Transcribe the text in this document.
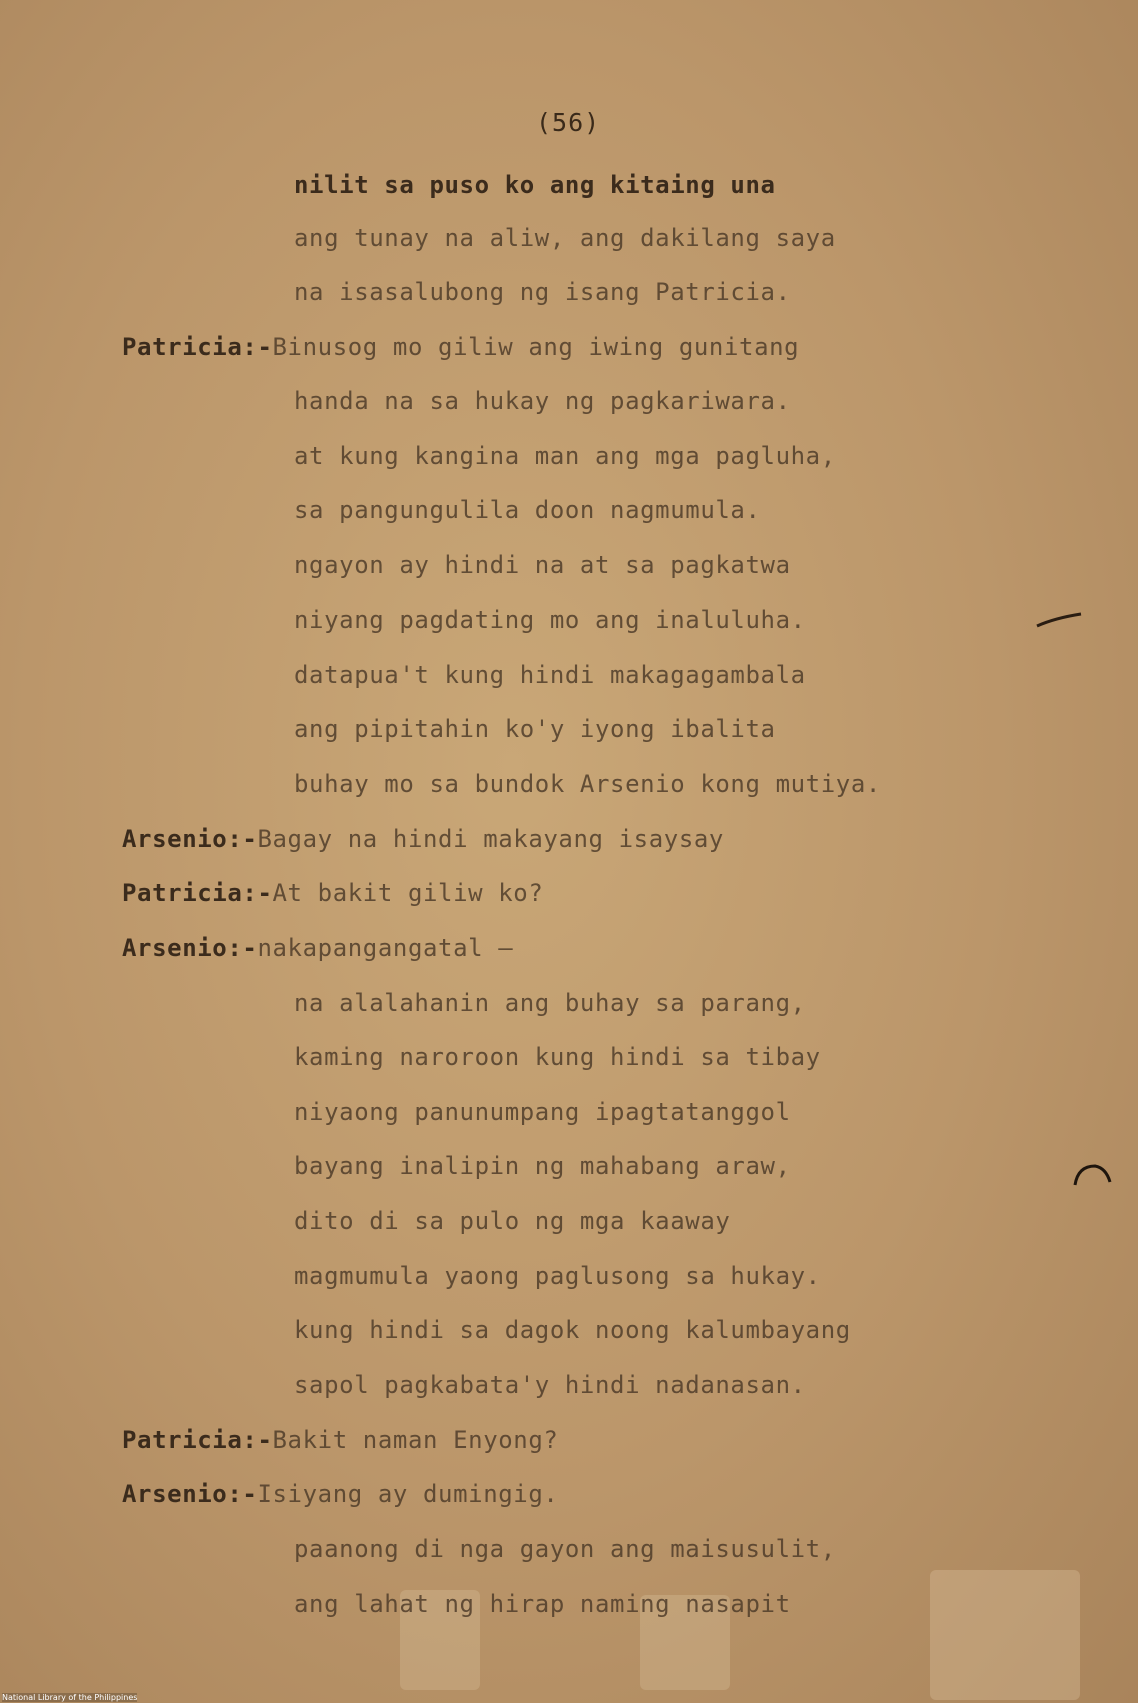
(56)
nilit sa puso ko ang kitaing una
ang tunay na aliw, ang dakilang saya
na isasalubong ng isang Patricia.
Patricia:-Binusog mo giliw ang iwing gunitang
handa na sa hukay ng pagkariwara.
at kung kangina man ang mga pagluha,
sa pangungulila doon nagmumula.
ngayon ay hindi na at sa pagkatwa
niyang pagdating mo ang inaluluha.
datapua't kung hindi makagagambala
ang pipitahin ko'y iyong ibalita
buhay mo sa bundok Arsenio kong mutiya.
Arsenio:-Bagay na hindi makayang isaysay
Patricia:-At bakit giliw ko?
Arsenio:-nakapangangatal —
na alalahanin ang buhay sa parang,
kaming naroroon kung hindi sa tibay
niyaong panunumpang ipagtatanggol
bayang inalipin ng mahabang araw,
dito di sa pulo ng mga kaaway
magmumula yaong paglusong sa hukay.
kung hindi sa dagok noong kalumbayang
sapol pagkabata'y hindi nadanasan.
Patricia:-Bakit naman Enyong?
Arsenio:-Isiyang ay dumingig.
paanong di nga gayon ang maisusulit,
ang lahat ng hirap naming nasapit
National Library of the Philippines
